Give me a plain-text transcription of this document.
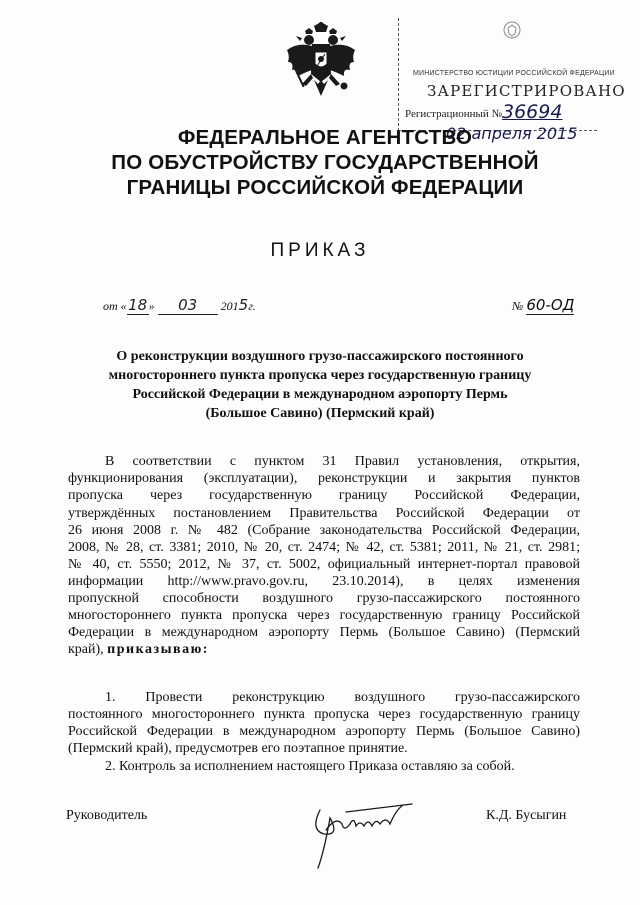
МИНИСТЕРСТВО ЮСТИЦИИ РОССИЙСКОЙ ФЕДЕРАЦИИ
ЗАРЕГИСТРИРОВАНО
Регистрационный № 36694
02 апреля 2015
ФЕДЕРАЛЬНОЕ АГЕНТСТВО
ПО ОБУСТРОЙСТВУ ГОСУДАРСТВЕННОЙ
ГРАНИЦЫ РОССИЙСКОЙ ФЕДЕРАЦИИ
ПРИКАЗ
от «18» 03 2015г.	№ 60-ОД
О реконструкции воздушного грузо-пассажирского постоянного
многостороннего пункта пропуска через государственную границу
Российской Федерации в международном аэропорту Пермь
(Большое Савино) (Пермский край)
В соответствии с пунктом 31 Правил установления, открытия,
функционирования (эксплуатации), реконструкции и закрытия пунктов
пропуска через государственную границу Российской Федерации,
утверждённых постановлением Правительства Российской Федерации от
26 июня 2008 г. № 482 (Собрание законодательства Российской Федерации,
2008, № 28, ст. 3381; 2010, № 20, ст. 2474; № 42, ст. 5381; 2011, № 21, ст. 2981;
№ 40, ст. 5550; 2012, № 37, ст. 5002, официальный интернет-портал правовой
информации http://www.pravo.gov.ru, 23.10.2014), в целях изменения
пропускной способности воздушного грузо-пассажирского постоянного
многостороннего пункта пропуска через государственную границу Российской
Федерации в международном аэропорту Пермь (Большое Савино) (Пермский
край), приказываю:
1. Провести реконструкцию воздушного грузо-пассажирского
постоянного многостороннего пункта пропуска через государственную границу
Российской Федерации в международном аэропорту Пермь (Большое Савино)
(Пермский край), предусмотрев его поэтапное принятие.
2. Контроль за исполнением настоящего Приказа оставляю за собой.
Руководитель	К.Д. Бусыгин
